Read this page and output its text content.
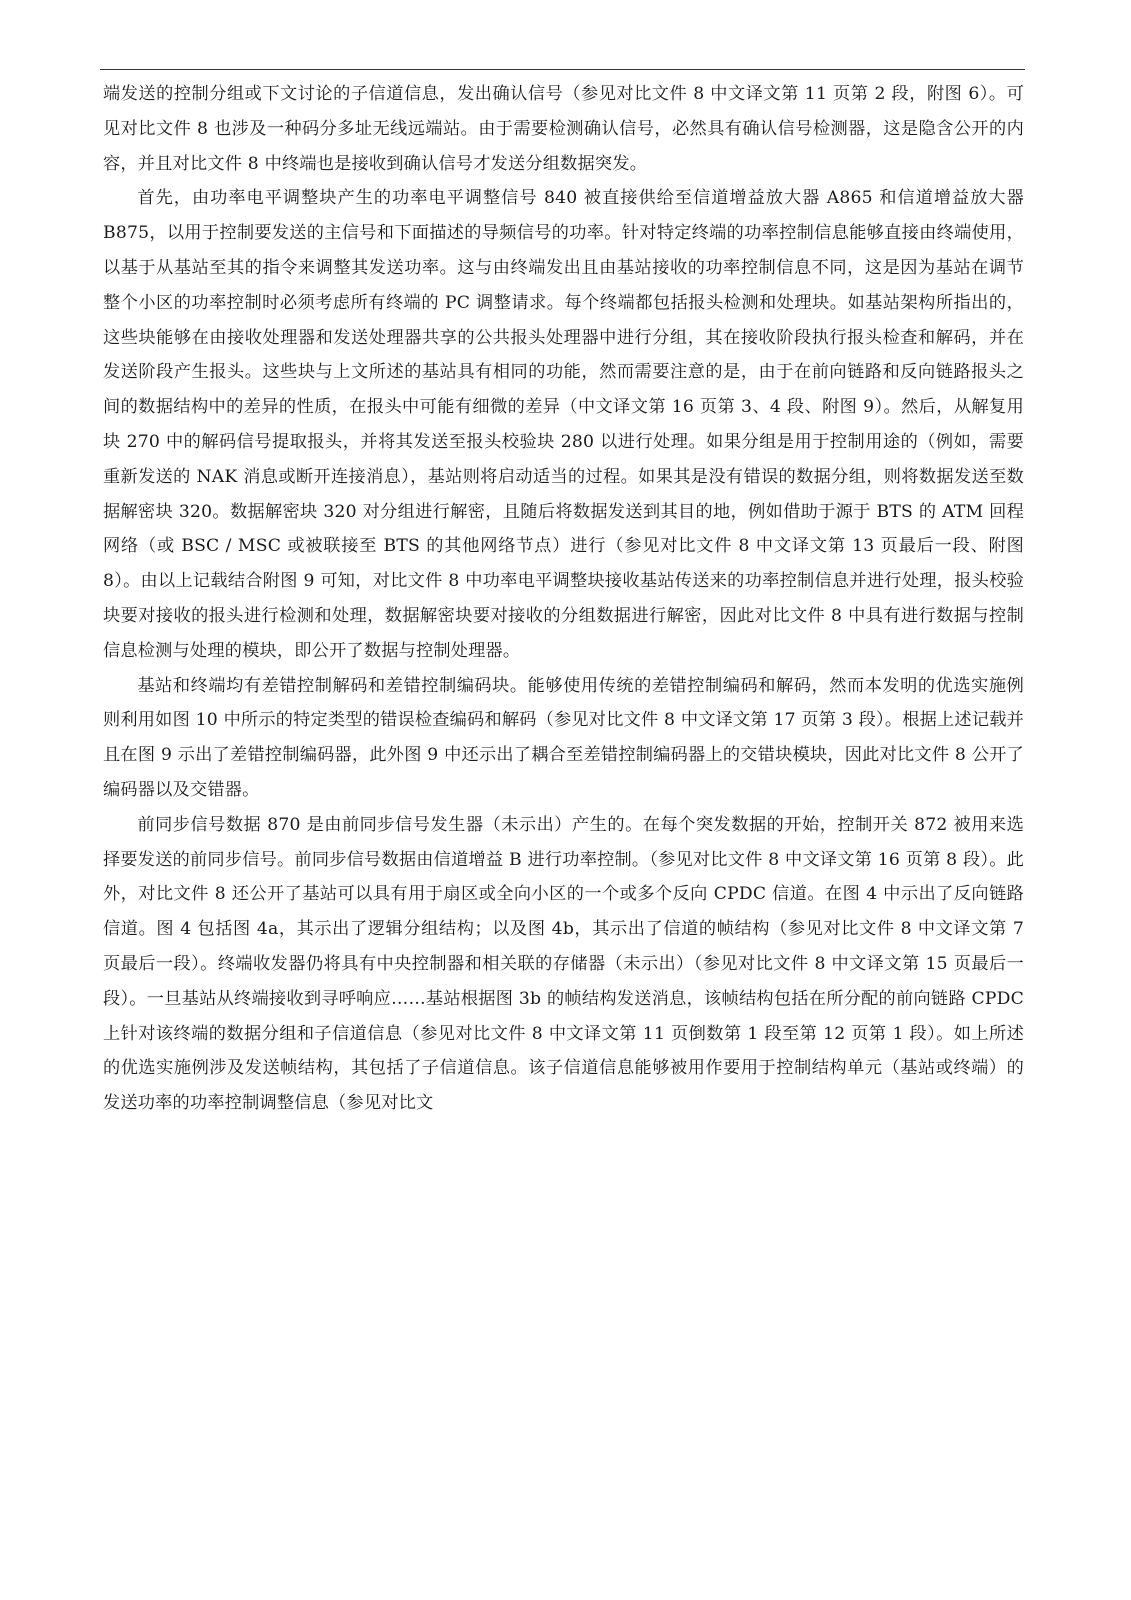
端发送的控制分组或下文讨论的子信道信息，发出确认信号（参见对比文件 8 中文译文第 11 页第 2 段，附图 6）。可见对比文件 8 也涉及一种码分多址无线远端站。由于需要检测确认信号，必然具有确认信号检测器，这是隐含公开的内容，并且对比文件 8 中终端也是接收到确认信号才发送分组数据突发。

首先，由功率电平调整块产生的功率电平调整信号 840 被直接供给至信道增益放大器 A865 和信道增益放大器 B875，以用于控制要发送的主信号和下面描述的导频信号的功率。针对特定终端的功率控制信息能够直接由终端使用，以基于从基站至其的指令来调整其发送功率。这与由终端发出且由基站接收的功率控制信息不同，这是因为基站在调节整个小区的功率控制时必须考虑所有终端的 PC 调整请求。每个终端都包括报头检测和处理块。如基站架构所指出的，这些块能够在由接收处理器和发送处理器共享的公共报头处理器中进行分组，其在接收阶段执行报头检查和解码，并在发送阶段产生报头。这些块与上文所述的基站具有相同的功能，然而需要注意的是，由于在前向链路和反向链路报头之间的数据结构中的差异的性质，在报头中可能有细微的差异（中文译文第 16 页第 3、4 段、附图 9）。然后，从解复用块 270 中的解码信号提取报头，并将其发送至报头校验块 280 以进行处理。如果分组是用于控制用途的（例如，需要重新发送的 NAK 消息或断开连接消息），基站则将启动适当的过程。如果其是没有错误的数据分组，则将数据发送至数据解密块 320。数据解密块 320 对分组进行解密，且随后将数据发送到其目的地，例如借助于源于 BTS 的 ATM 回程网络（或 BSC / MSC 或被联接至 BTS 的其他网络节点）进行（参见对比文件 8 中文译文第 13 页最后一段、附图 8）。由以上记载结合附图 9 可知，对比文件 8 中功率电平调整块接收基站传送来的功率控制信息并进行处理，报头校验块要对接收的报头进行检测和处理，数据解密块要对接收的分组数据进行解密，因此对比文件 8 中具有进行数据与控制信息检测与处理的模块，即公开了数据与控制处理器。

基站和终端均有差错控制解码和差错控制编码块。能够使用传统的差错控制编码和解码，然而本发明的优选实施例则利用如图 10 中所示的特定类型的错误检查编码和解码（参见对比文件 8 中文译文第 17 页第 3 段）。根据上述记载并且在图 9 示出了差错控制编码器，此外图 9 中还示出了耦合至差错控制编码器上的交错块模块，因此对比文件 8 公开了编码器以及交错器。

前同步信号数据 870 是由前同步信号发生器（未示出）产生的。在每个突发数据的开始，控制开关 872 被用来选择要发送的前同步信号。前同步信号数据由信道增益 B 进行功率控制。（参见对比文件 8 中文译文第 16 页第 8 段）。此外，对比文件 8 还公开了基站可以具有用于扇区或全向小区的一个或多个反向 CPDC 信道。在图 4 中示出了反向链路信道。图 4 包括图 4a，其示出了逻辑分组结构；以及图 4b，其示出了信道的帧结构（参见对比文件 8 中文译文第 7 页最后一段）。终端收发器仍将具有中央控制器和相关联的存储器（未示出）（参见对比文件 8 中文译文第 15 页最后一段）。一旦基站从终端接收到寻呼响应……基站根据图 3b 的帧结构发送消息，该帧结构包括在所分配的前向链路 CPDC 上针对该终端的数据分组和子信道信息（参见对比文件 8 中文译文第 11 页倒数第 1 段至第 12 页第 1 段）。如上所述的优选实施例涉及发送帧结构，其包括了子信道信息。该子信道信息能够被用作要用于控制结构单元（基站或终端）的发送功率的功率控制调整信息（参见对比文
